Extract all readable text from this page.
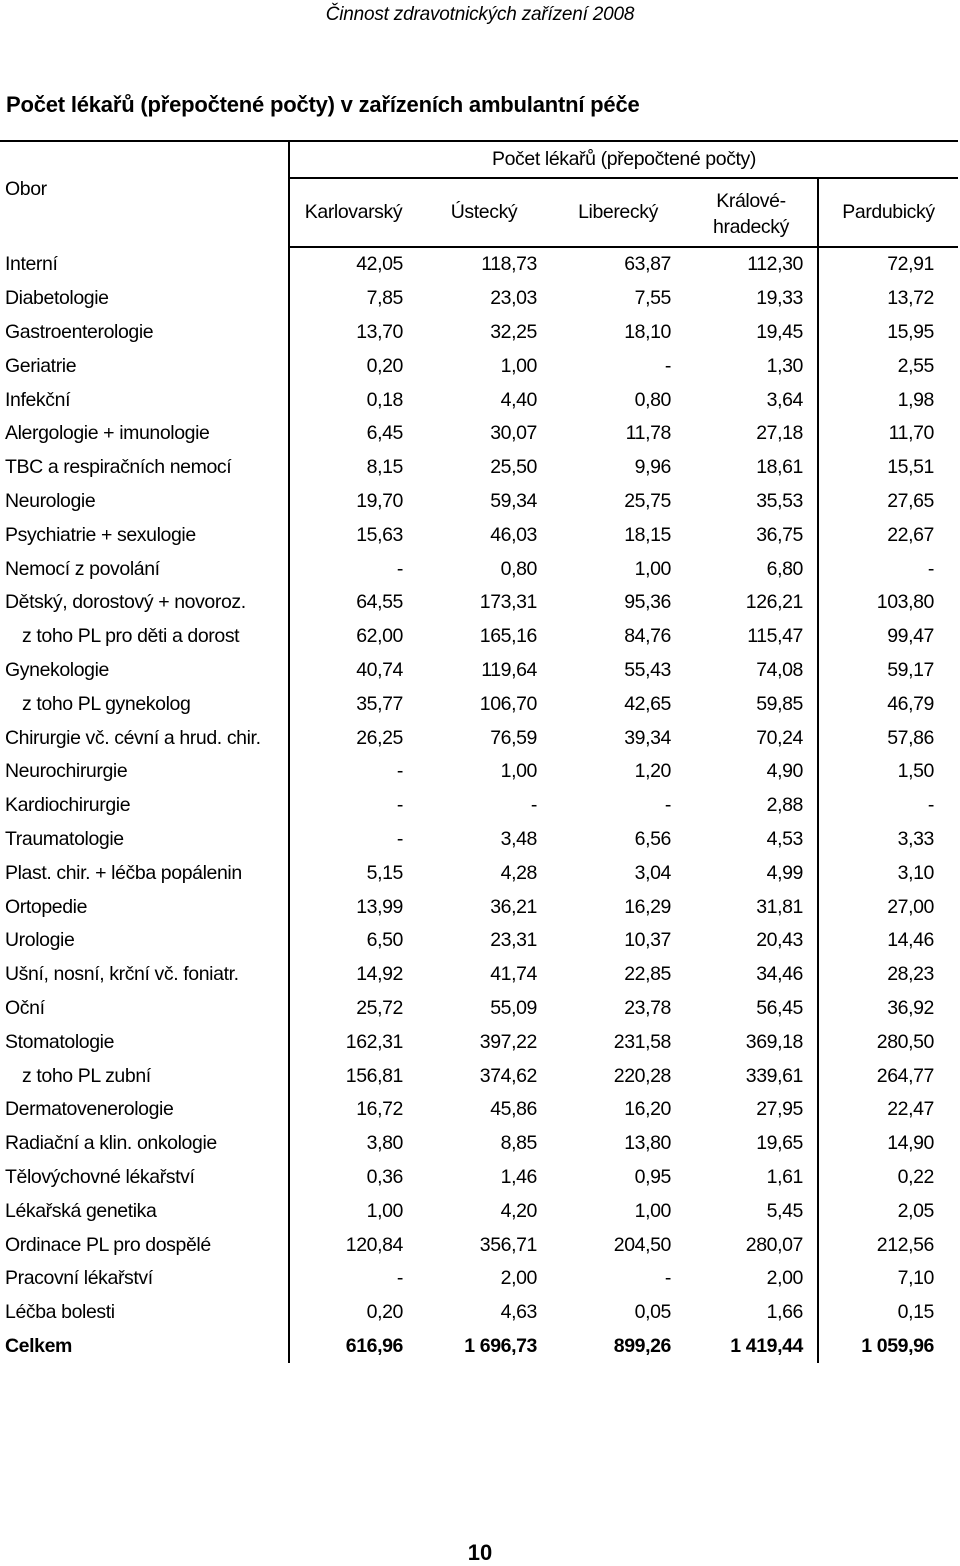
Činnost zdravotnických zařízení 2008
Počet lékařů (přepočtené počty) v zařízeních ambulantní péče
Obor	Počet lékařů (přepočtené počty)				
	Karlovarský	Ústecký	Liberecký	Králové-
hradecký	Pardubický
Interní	42,05	118,73	63,87	112,30	72,91
Diabetologie	7,85	23,03	7,55	19,33	13,72
Gastroenterologie	13,70	32,25	18,10	19,45	15,95
Geriatrie	0,20	1,00	-	1,30	2,55
Infekční	0,18	4,40	0,80	3,64	1,98
Alergologie + imunologie	6,45	30,07	11,78	27,18	11,70
TBC a respiračních nemocí	8,15	25,50	9,96	18,61	15,51
Neurologie	19,70	59,34	25,75	35,53	27,65
Psychiatrie + sexulogie	15,63	46,03	18,15	36,75	22,67
Nemocí z povolání	-	0,80	1,00	6,80	-
Dětský, dorostový + novoroz.	64,55	173,31	95,36	126,21	103,80
z toho PL pro děti a dorost	62,00	165,16	84,76	115,47	99,47
Gynekologie	40,74	119,64	55,43	74,08	59,17
z toho PL gynekolog	35,77	106,70	42,65	59,85	46,79
Chirurgie vč. cévní a hrud. chir.	26,25	76,59	39,34	70,24	57,86
Neurochirurgie	-	1,00	1,20	4,90	1,50
Kardiochirurgie	-	-	-	2,88	-
Traumatologie	-	3,48	6,56	4,53	3,33
Plast. chir. + léčba popálenin	5,15	4,28	3,04	4,99	3,10
Ortopedie	13,99	36,21	16,29	31,81	27,00
Urologie	6,50	23,31	10,37	20,43	14,46
Ušní, nosní, krční vč. foniatr.	14,92	41,74	22,85	34,46	28,23
Oční	25,72	55,09	23,78	56,45	36,92
Stomatologie	162,31	397,22	231,58	369,18	280,50
z toho PL zubní	156,81	374,62	220,28	339,61	264,77
Dermatovenerologie	16,72	45,86	16,20	27,95	22,47
Radiační a klin. onkologie	3,80	8,85	13,80	19,65	14,90
Tělovýchovné lékařství	0,36	1,46	0,95	1,61	0,22
Lékařská genetika	1,00	4,20	1,00	5,45	2,05
Ordinace PL pro dospělé	120,84	356,71	204,50	280,07	212,56
Pracovní lékařství	-	2,00	-	2,00	7,10
Léčba bolesti	0,20	4,63	0,05	1,66	0,15
Celkem	616,96	1 696,73	899,26	1 419,44	1 059,96
10
